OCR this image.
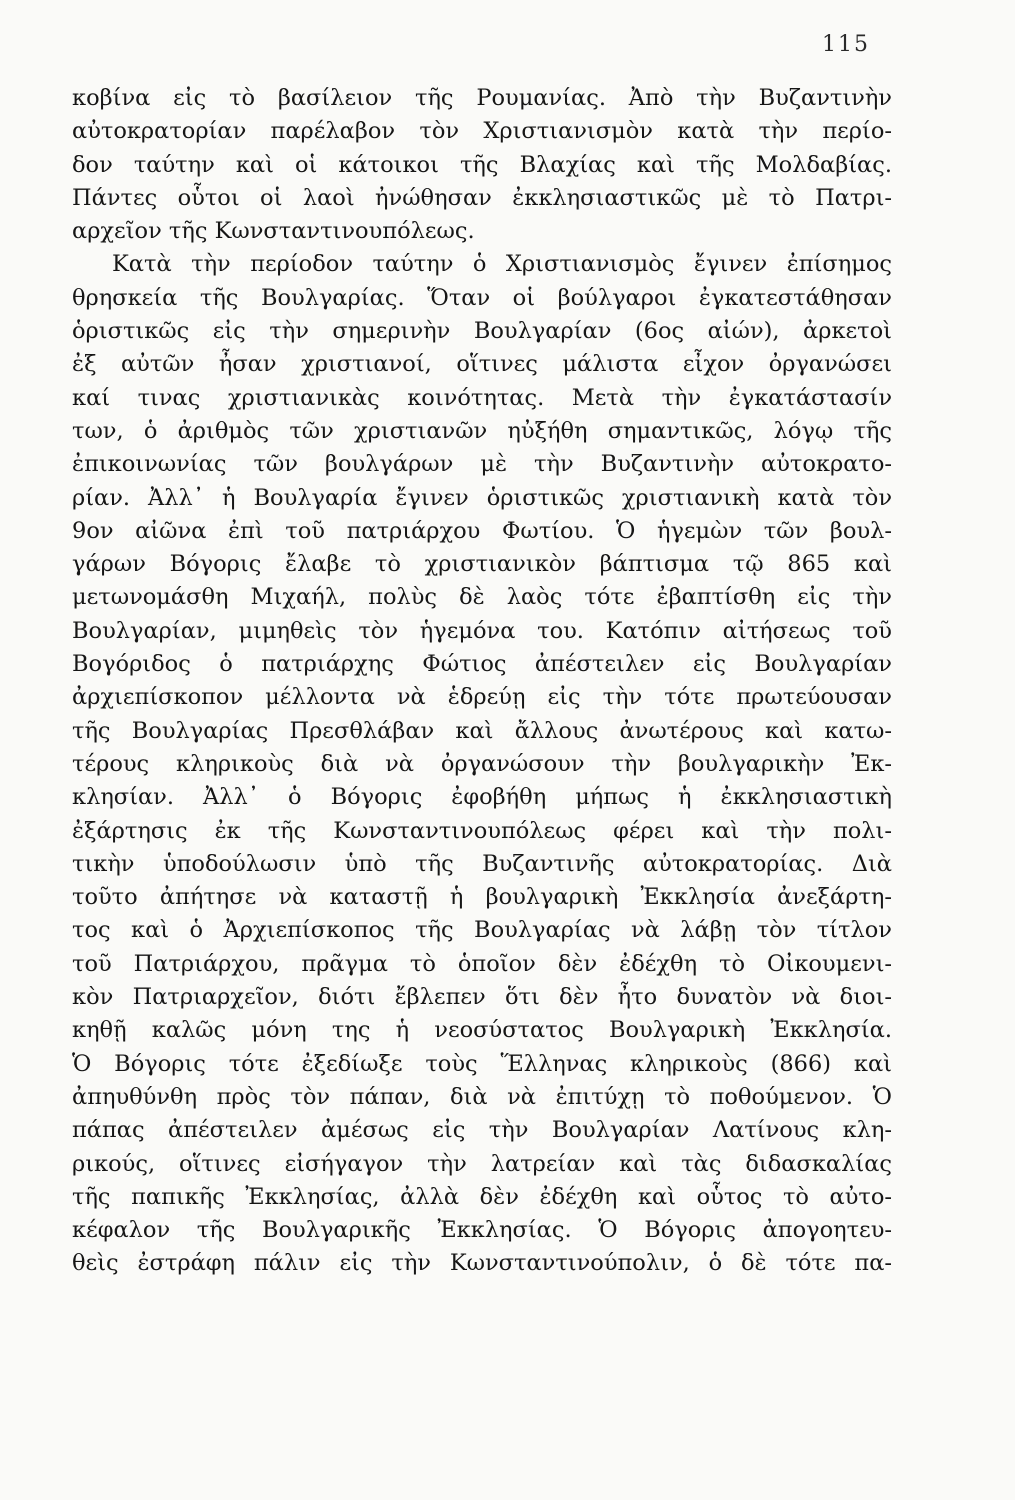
115
κοβίνα εἰς τὸ βασίλειον τῆς Ρουμανίας. Ἀπὸ τὴν Βυζαντινὴν
αὐτοκρατορίαν παρέλαβον τὸν Χριστιανισμὸν κατὰ τὴν περίο-
δον ταύτην καὶ οἱ κάτοικοι τῆς Βλαχίας καὶ τῆς Μολδαβίας.
Πάντες οὗτοι οἱ λαοὶ ἠνώθησαν ἐκκλησιαστικῶς μὲ τὸ Πατρι-
αρχεῖον τῆς Κωνσταντινουπόλεως.
Κατὰ τὴν περίοδον ταύτην ὁ Χριστιανισμὸς ἔγινεν ἐπίσημος
θρησκεία τῆς Βουλγαρίας. Ὅταν οἱ βούλγαροι ἐγκατεστάθησαν
ὁριστικῶς εἰς τὴν σημερινὴν Βουλγαρίαν (6ος αἰών), ἀρκετοὶ
ἐξ αὐτῶν ἦσαν χριστιανοί, οἵτινες μάλιστα εἶχον ὀργανώσει
καί τινας χριστιανικὰς κοινότητας. Μετὰ τὴν ἐγκατάστασίν
των, ὁ ἀριθμὸς τῶν χριστιανῶν ηὐξήθη σημαντικῶς, λόγῳ τῆς
ἐπικοινωνίας τῶν βουλγάρων μὲ τὴν Βυζαντινὴν αὐτοκρατο-
ρίαν. Ἀλλ᾽ ἡ Βουλγαρία ἔγινεν ὁριστικῶς χριστιανικὴ κατὰ τὸν
9ον αἰῶνα ἐπὶ τοῦ πατριάρχου Φωτίου. Ὁ ἡγεμὼν τῶν βουλ-
γάρων Βόγορις ἔλαβε τὸ χριστιανικὸν βάπτισμα τῷ 865 καὶ
μετωνομάσθη Μιχαήλ, πολὺς δὲ λαὸς τότε ἐβαπτίσθη εἰς τὴν
Βουλγαρίαν, μιμηθεὶς τὸν ἡγεμόνα του. Κατόπιν αἰτήσεως τοῦ
Βογόριδος ὁ πατριάρχης Φώτιος ἀπέστειλεν εἰς Βουλγαρίαν
ἀρχιεπίσκοπον μέλλοντα νὰ ἑδρεύῃ εἰς τὴν τότε πρωτεύουσαν
τῆς Βουλγαρίας Πρεσθλάβαν καὶ ἄλλους ἀνωτέρους καὶ κατω-
τέρους κληρικοὺς διὰ νὰ ὀργανώσουν τὴν βουλγαρικὴν Ἐκ-
κλησίαν. Ἀλλ᾽ ὁ Βόγορις ἐφοβήθη μήπως ἡ ἐκκλησιαστικὴ
ἐξάρτησις ἐκ τῆς Κωνσταντινουπόλεως φέρει καὶ τὴν πολι-
τικὴν ὑποδούλωσιν ὑπὸ τῆς Βυζαντινῆς αὐτοκρατορίας. Διὰ
τοῦτο ἀπήτησε νὰ καταστῇ ἡ βουλγαρικὴ Ἐκκλησία ἀνεξάρτη-
τος καὶ ὁ Ἀρχιεπίσκοπος τῆς Βουλγαρίας νὰ λάβῃ τὸν τίτλον
τοῦ Πατριάρχου, πρᾶγμα τὸ ὁποῖον δὲν ἐδέχθη τὸ Οἰκουμενι-
κὸν Πατριαρχεῖον, διότι ἔβλεπεν ὅτι δὲν ἦτο δυνατὸν νὰ διοι-
κηθῇ καλῶς μόνη της ἡ νεοσύστατος Βουλγαρικὴ Ἐκκλησία.
Ὁ Βόγορις τότε ἐξεδίωξε τοὺς Ἕλληνας κληρικοὺς (866) καὶ
ἀπηυθύνθη πρὸς τὸν πάπαν, διὰ νὰ ἐπιτύχῃ τὸ ποθούμενον. Ὁ
πάπας ἀπέστειλεν ἀμέσως εἰς τὴν Βουλγαρίαν Λατίνους κλη-
ρικούς, οἵτινες εἰσήγαγον τὴν λατρείαν καὶ τὰς διδασκαλίας
τῆς παπικῆς Ἐκκλησίας, ἀλλὰ δὲν ἐδέχθη καὶ οὗτος τὸ αὐτο-
κέφαλον τῆς Βουλγαρικῆς Ἐκκλησίας. Ὁ Βόγορις ἀπογοητευ-
θεὶς ἐστράφη πάλιν εἰς τὴν Κωνσταντινούπολιν, ὁ δὲ τότε πα-
